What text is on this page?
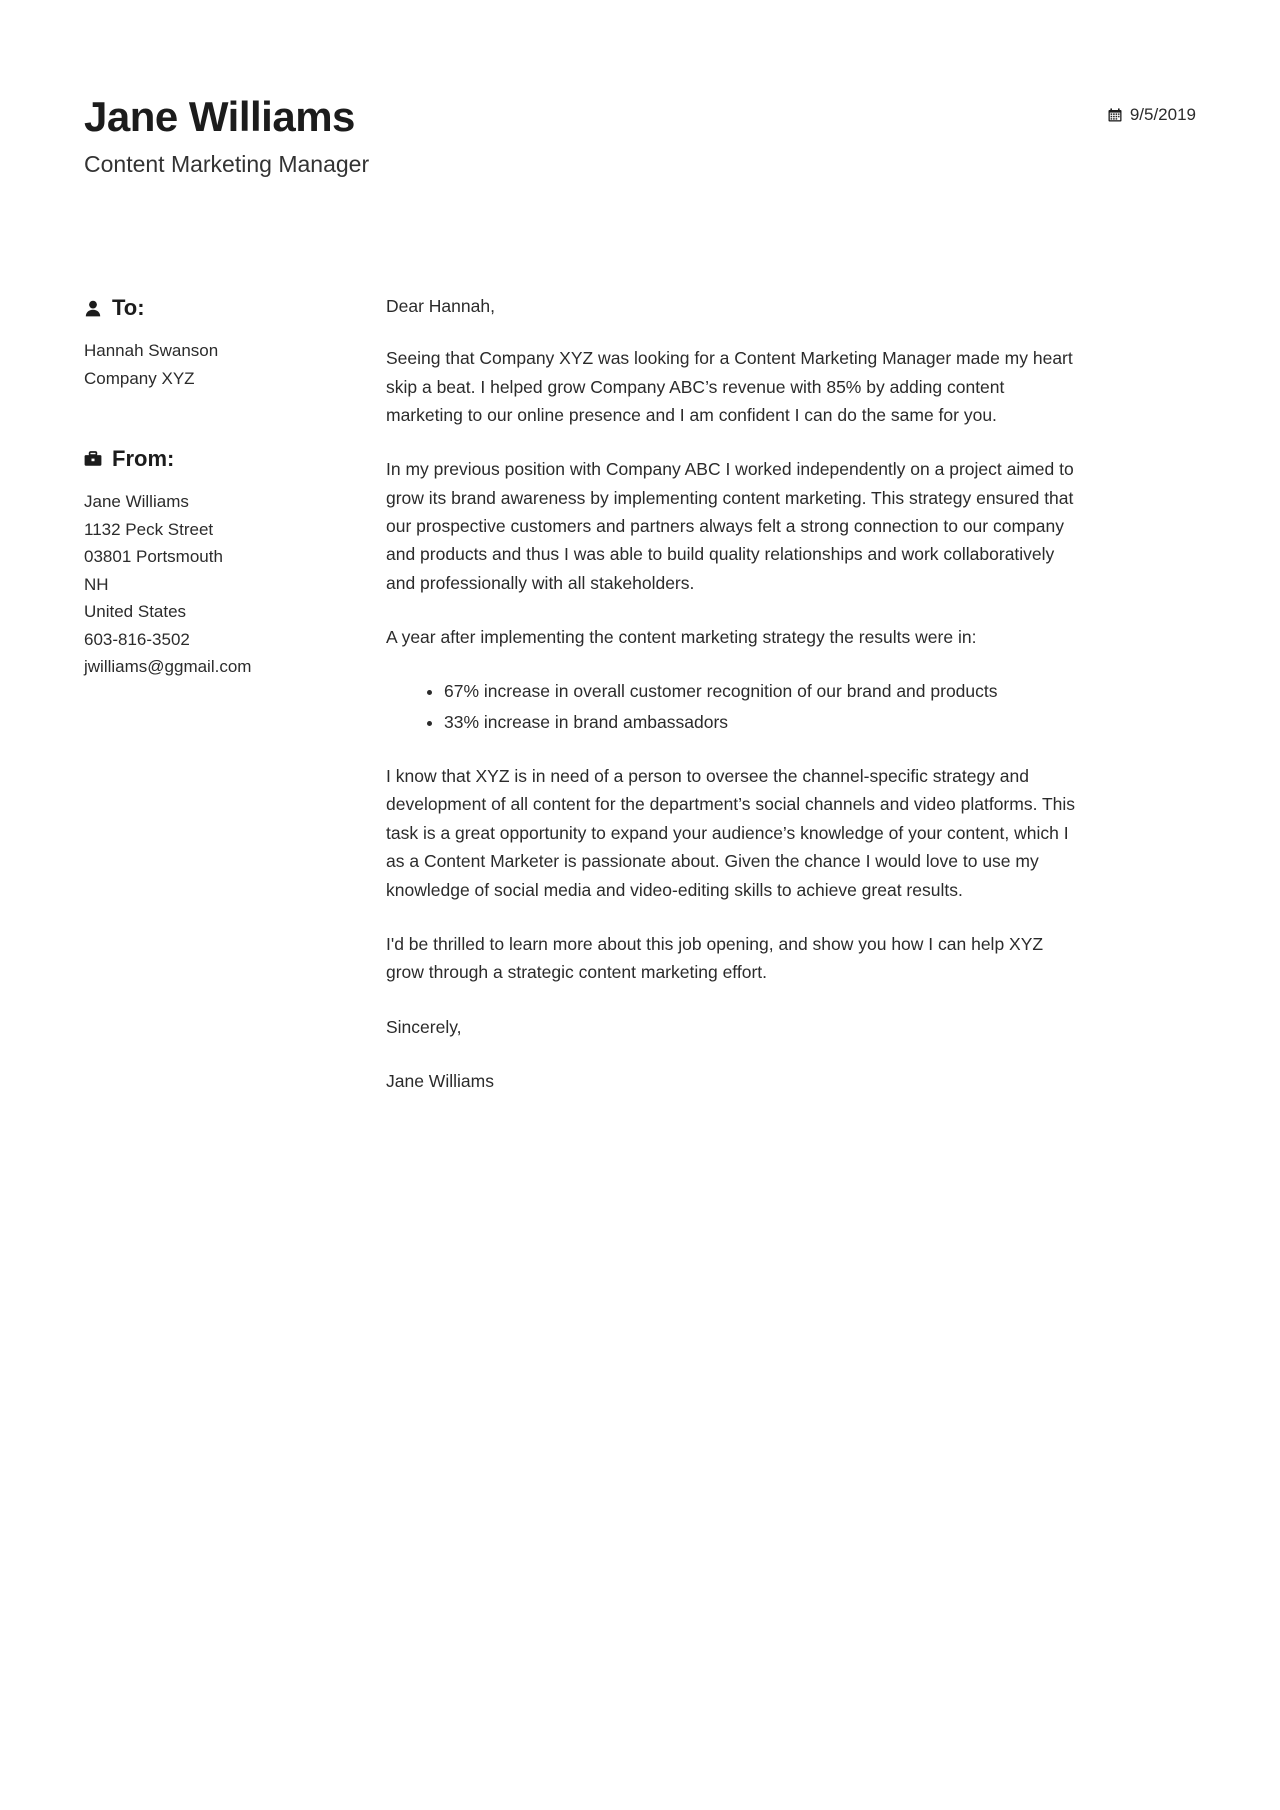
Jane Williams
Content Marketing Manager
9/5/2019
To:
Hannah Swanson
Company XYZ
From:
Jane Williams
1132 Peck Street
03801 Portsmouth
NH
United States
603-816-3502
jwilliams@ggmail.com

Dear Hannah,

Seeing that Company XYZ was looking for a Content Marketing Manager made my heart skip a beat. I helped grow Company ABC’s revenue with 85% by adding content marketing to our online presence and I am confident I can do the same for you.

In my previous position with Company ABC I worked independently on a project aimed to grow its brand awareness by implementing content marketing. This strategy ensured that our prospective customers and partners always felt a strong connection to our company and products and thus I was able to build quality relationships and work collaboratively and professionally with all stakeholders.

A year after implementing the content marketing strategy the results were in:

• 67% increase in overall customer recognition of our brand and products
• 33% increase in brand ambassadors

I know that XYZ is in need of a person to oversee the channel-specific strategy and development of all content for the department’s social channels and video platforms. This task is a great opportunity to expand your audience’s knowledge of your content, which I as a Content Marketer is passionate about. Given the chance I would love to use my knowledge of social media and video-editing skills to achieve great results.

I'd be thrilled to learn more about this job opening, and show you how I can help XYZ grow through a strategic content marketing effort.

Sincerely,

Jane Williams
